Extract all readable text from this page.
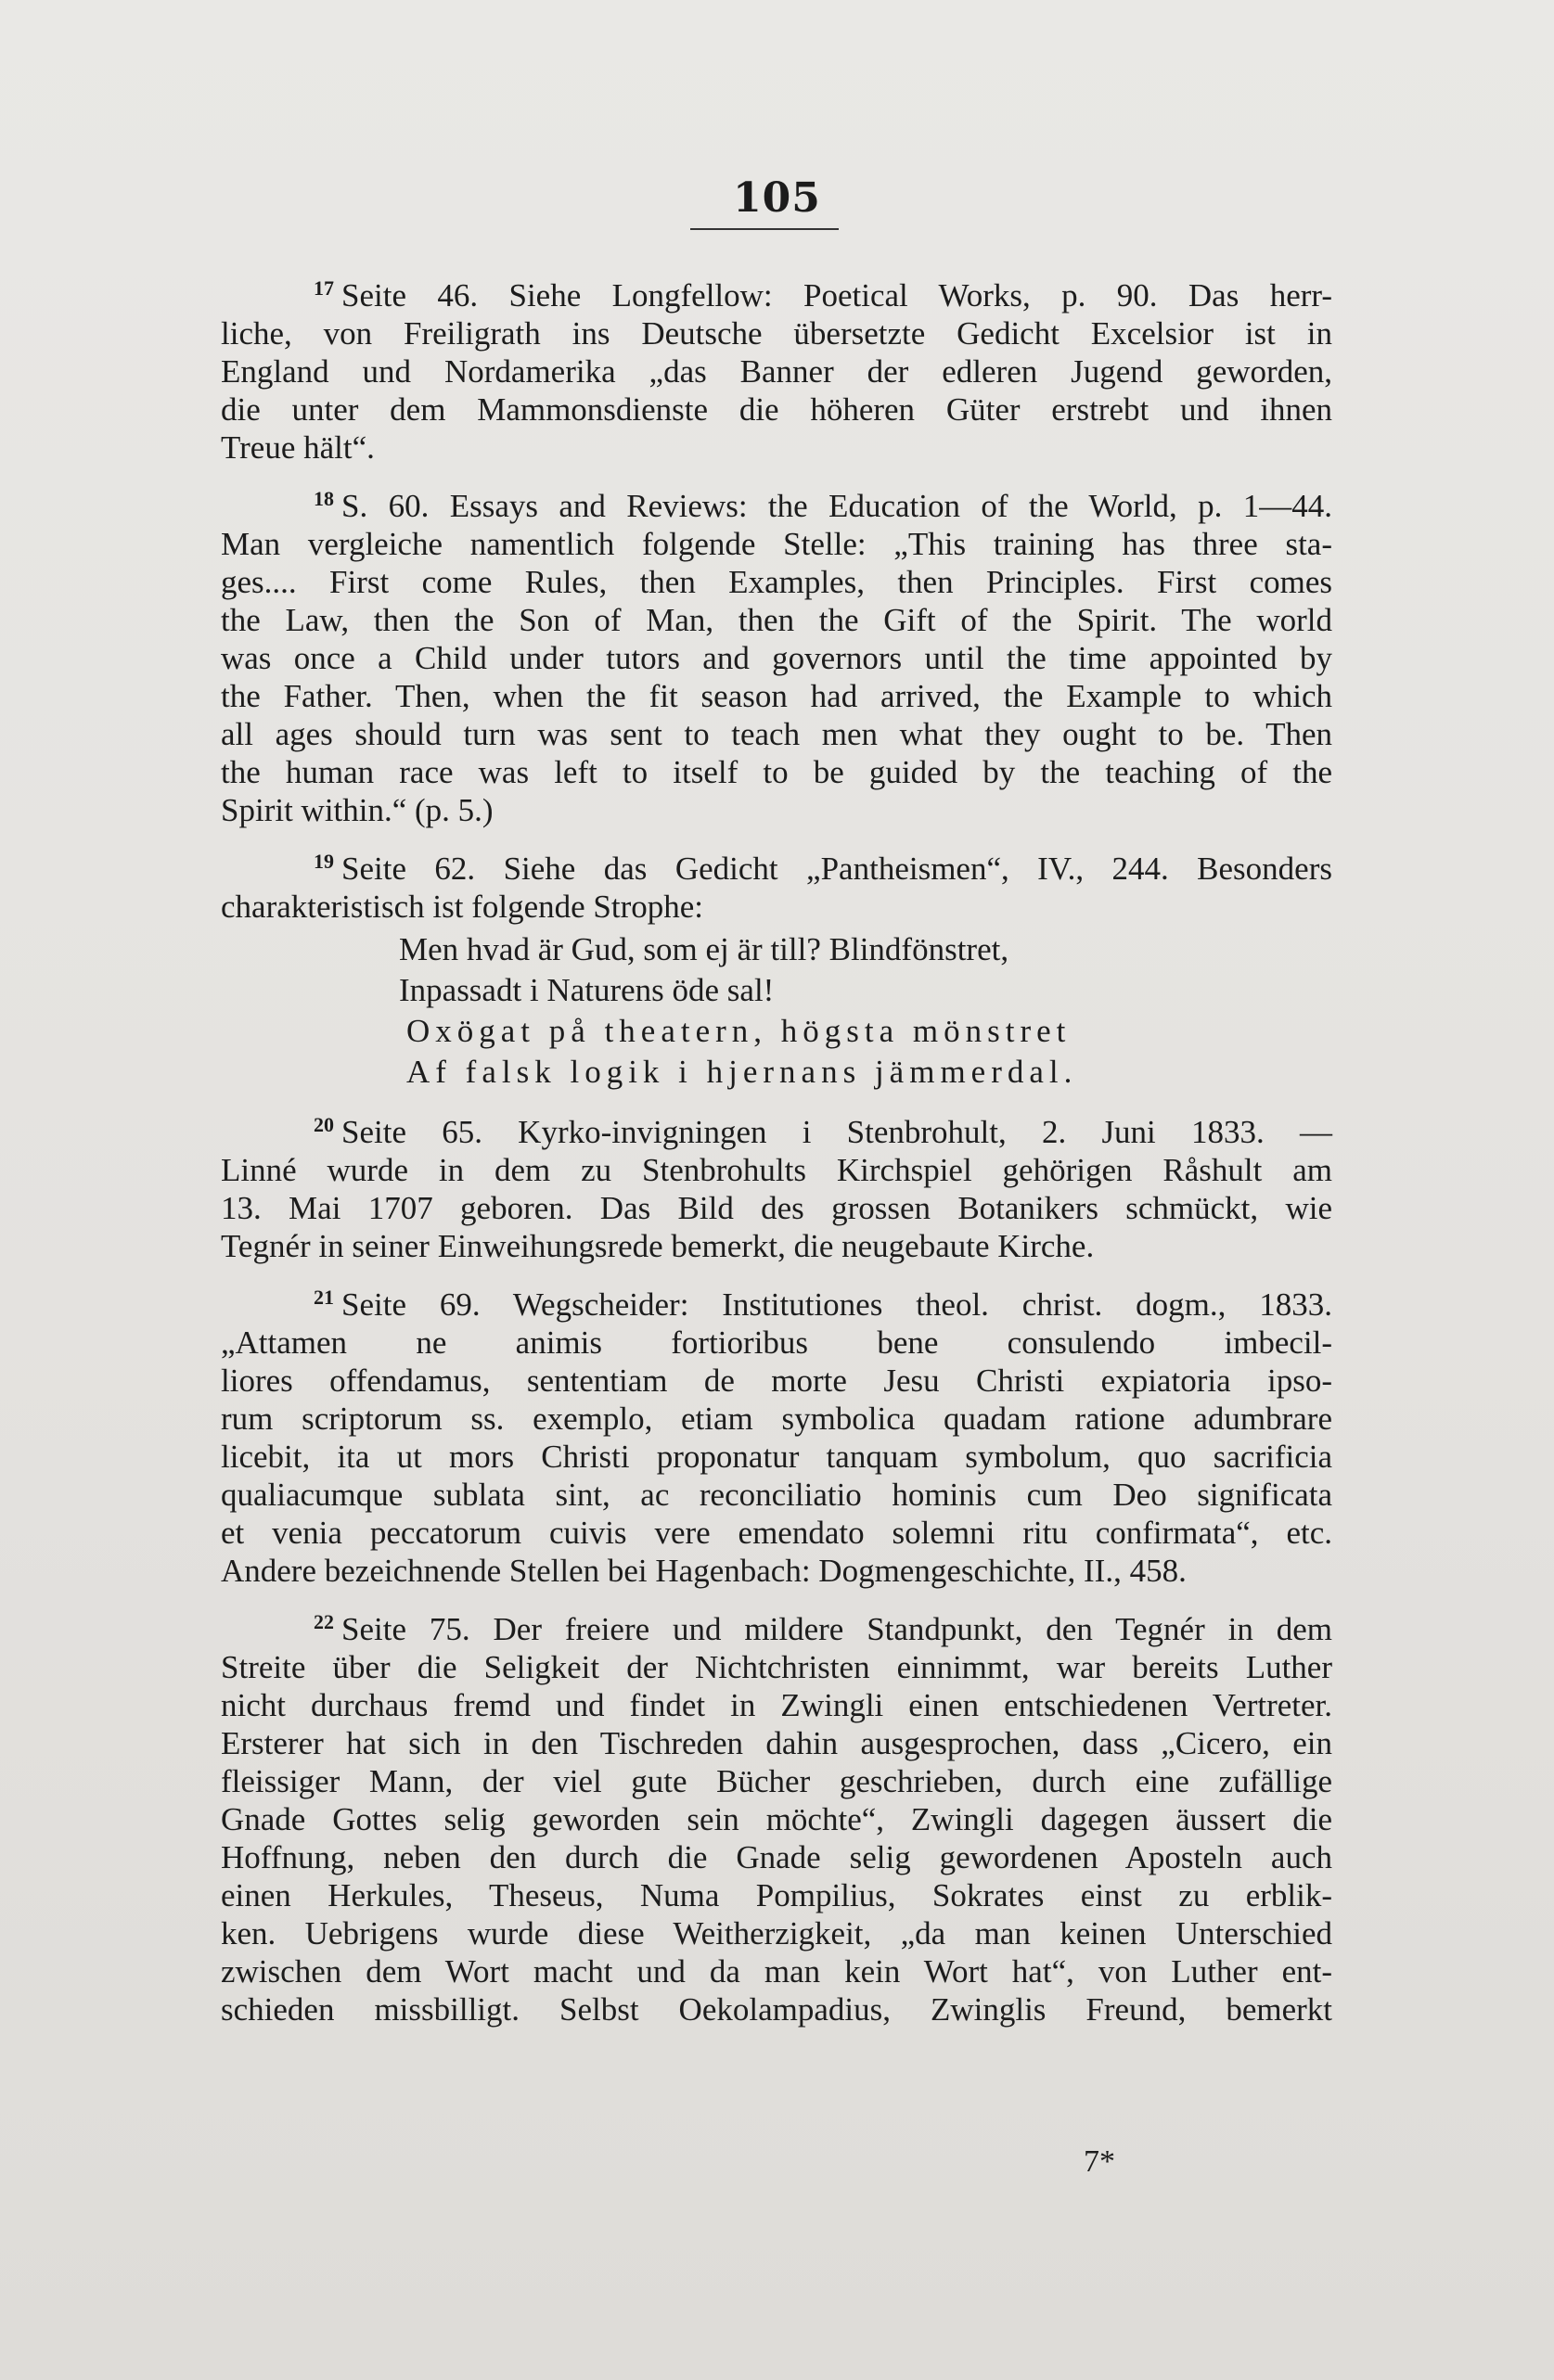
105
$^{17}$ Seite 46. Siehe Longfellow: Poetical Works, p. 90. Das herr-
liche, von Freiligrath ins Deutsche übersetzte Gedicht Excelsior ist in
England und Nordamerika „das Banner der edleren Jugend geworden,
die unter dem Mammonsdienste die höheren Güter erstrebt und ihnen
Treue hält“.
$^{18}$ S. 60. Essays and Reviews: the Education of the World, p. 1—44.
Man vergleiche namentlich folgende Stelle: „This training has three sta-
ges.... First come Rules, then Examples, then Principles. First comes
the Law, then the Son of Man, then the Gift of the Spirit. The world
was once a Child under tutors and governors until the time appointed by
the Father. Then, when the fit season had arrived, the Example to which
all ages should turn was sent to teach men what they ought to be. Then
the human race was left to itself to be guided by the teaching of the
Spirit within.“ (p. 5.)
$^{19}$ Seite 62. Siehe das Gedicht „Pantheismen“, IV., 244. Besonders
charakteristisch ist folgende Strophe:
Men hvad är Gud, som ej är till? Blindfönstret,
Inpassadt i Naturens öde sal!
Oxögat på theatern, högsta mönstret
Af falsk logik i hjernans jämmerdal.
$^{20}$ Seite 65. Kyrko-invigningen i Stenbrohult, 2. Juni 1833. —
Linné wurde in dem zu Stenbrohults Kirchspiel gehörigen Råshult am
13. Mai 1707 geboren. Das Bild des grossen Botanikers schmückt, wie
Tegnér in seiner Einweihungsrede bemerkt, die neugebaute Kirche.
$^{21}$ Seite 69. Wegscheider: Institutiones theol. christ. dogm., 1833.
„Attamen ne animis fortioribus bene consulendo imbecil-
liores offendamus, sententiam de morte Jesu Christi expiatoria ipso-
rum scriptorum ss. exemplo, etiam symbolica quadam ratione adumbrare
licebit, ita ut mors Christi proponatur tanquam symbolum, quo sacrificia
qualiacumque sublata sint, ac reconciliatio hominis cum Deo significata
et venia peccatorum cuivis vere emendato solemni ritu confirmata“, etc.
Andere bezeichnende Stellen bei Hagenbach: Dogmengeschichte, II., 458.
$^{22}$ Seite 75. Der freiere und mildere Standpunkt, den Tegnér in dem
Streite über die Seligkeit der Nichtchristen einnimmt, war bereits Luther
nicht durchaus fremd und findet in Zwingli einen entschiedenen Vertreter.
Ersterer hat sich in den Tischreden dahin ausgesprochen, dass „Cicero, ein
fleissiger Mann, der viel gute Bücher geschrieben, durch eine zufällige
Gnade Gottes selig geworden sein möchte“, Zwingli dagegen äussert die
Hoffnung, neben den durch die Gnade selig gewordenen Aposteln auch
einen Herkules, Theseus, Numa Pompilius, Sokrates einst zu erblik-
ken. Uebrigens wurde diese Weitherzigkeit, „da man keinen Unterschied
zwischen dem Wort macht und da man kein Wort hat“, von Luther ent-
schieden missbilligt. Selbst Oekolampadius, Zwinglis Freund, bemerkt
7*
